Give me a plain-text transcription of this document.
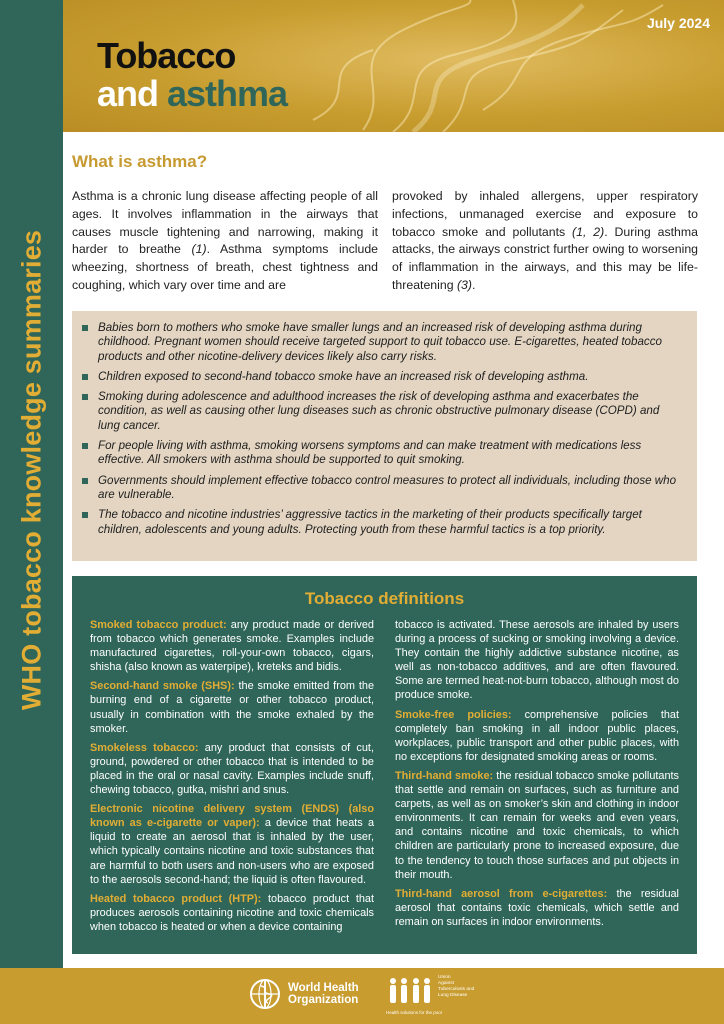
WHO tobacco knowledge summaries
July 2024
Tobacco
and asthma
What is asthma?
Asthma is a chronic lung disease affecting people of all ages. It involves inflammation in the airways that causes muscle tightening and narrowing, making it harder to breathe (1). Asthma symptoms include wheezing, shortness of breath, chest tightness and coughing, which vary over time and are
provoked by inhaled allergens, upper respiratory infections, unmanaged exercise and exposure to tobacco smoke and pollutants (1, 2). During asthma attacks, the airways constrict further owing to worsening of inflammation in the airways, and this may be life-threatening (3).
Babies born to mothers who smoke have smaller lungs and an increased risk of developing asthma during childhood. Pregnant women should receive targeted support to quit tobacco use. E-cigarettes, heated tobacco products and other nicotine-delivery devices likely also carry risks.
Children exposed to second-hand tobacco smoke have an increased risk of developing asthma.
Smoking during adolescence and adulthood increases the risk of developing asthma and exacerbates the condition, as well as causing other lung diseases such as chronic obstructive pulmonary disease (COPD) and lung cancer.
For people living with asthma, smoking worsens symptoms and can make treatment with medications less effective. All smokers with asthma should be supported to quit smoking.
Governments should implement effective tobacco control measures to protect all individuals, including those who are vulnerable.
The tobacco and nicotine industries’ aggressive tactics in the marketing of their products specifically target children, adolescents and young adults. Protecting youth from these harmful tactics is a top priority.
Tobacco definitions

Smoked tobacco product: any product made or derived from tobacco which generates smoke. Examples include manufactured cigarettes, roll-your-own tobacco, cigars, shisha (also known as waterpipe), kreteks and bidis.

Second-hand smoke (SHS): the smoke emitted from the burning end of a cigarette or other tobacco product, usually in combination with the smoke exhaled by the smoker.

Smokeless tobacco: any product that consists of cut, ground, powdered or other tobacco that is intended to be placed in the oral or nasal cavity. Examples include snuff, chewing tobacco, gutka, mishri and snus.

Electronic nicotine delivery system (ENDS) (also known as e-cigarette or vaper): a device that heats a liquid to create an aerosol that is inhaled by the user, which typically contains nicotine and toxic substances that are harmful to both users and non-users who are exposed to the aerosols second-hand; the liquid is often flavoured.

Heated tobacco product (HTP): tobacco product that produces aerosols containing nicotine and toxic chemicals when tobacco is heated or when a device containing

tobacco is activated. These aerosols are inhaled by users during a process of sucking or smoking involving a device. They contain the highly addictive substance nicotine, as well as non-tobacco additives, and are often flavoured. Some are termed heat-not-burn tobacco, although most do produce smoke.

Smoke-free policies: comprehensive policies that completely ban smoking in all indoor public places, workplaces, public transport and other public places, with no exceptions for designated smoking areas or rooms.

Third-hand smoke: the residual tobacco smoke pollutants that settle and remain on surfaces, such as furniture and carpets, as well as on smoker’s skin and clothing in indoor environments. It can remain for weeks and even years, and contains nicotine and toxic chemicals, to which children are particularly prone to increased exposure, due to the tendency to touch those surfaces and put objects in their mouth.

Third-hand aerosol from e-cigarettes: the residual aerosol that contains toxic chemicals, which settle and remain on surfaces in indoor environments.

World Health
Organization
Union
Against
Tuberculosis and
Lung Disease
Health solutions for the poor
